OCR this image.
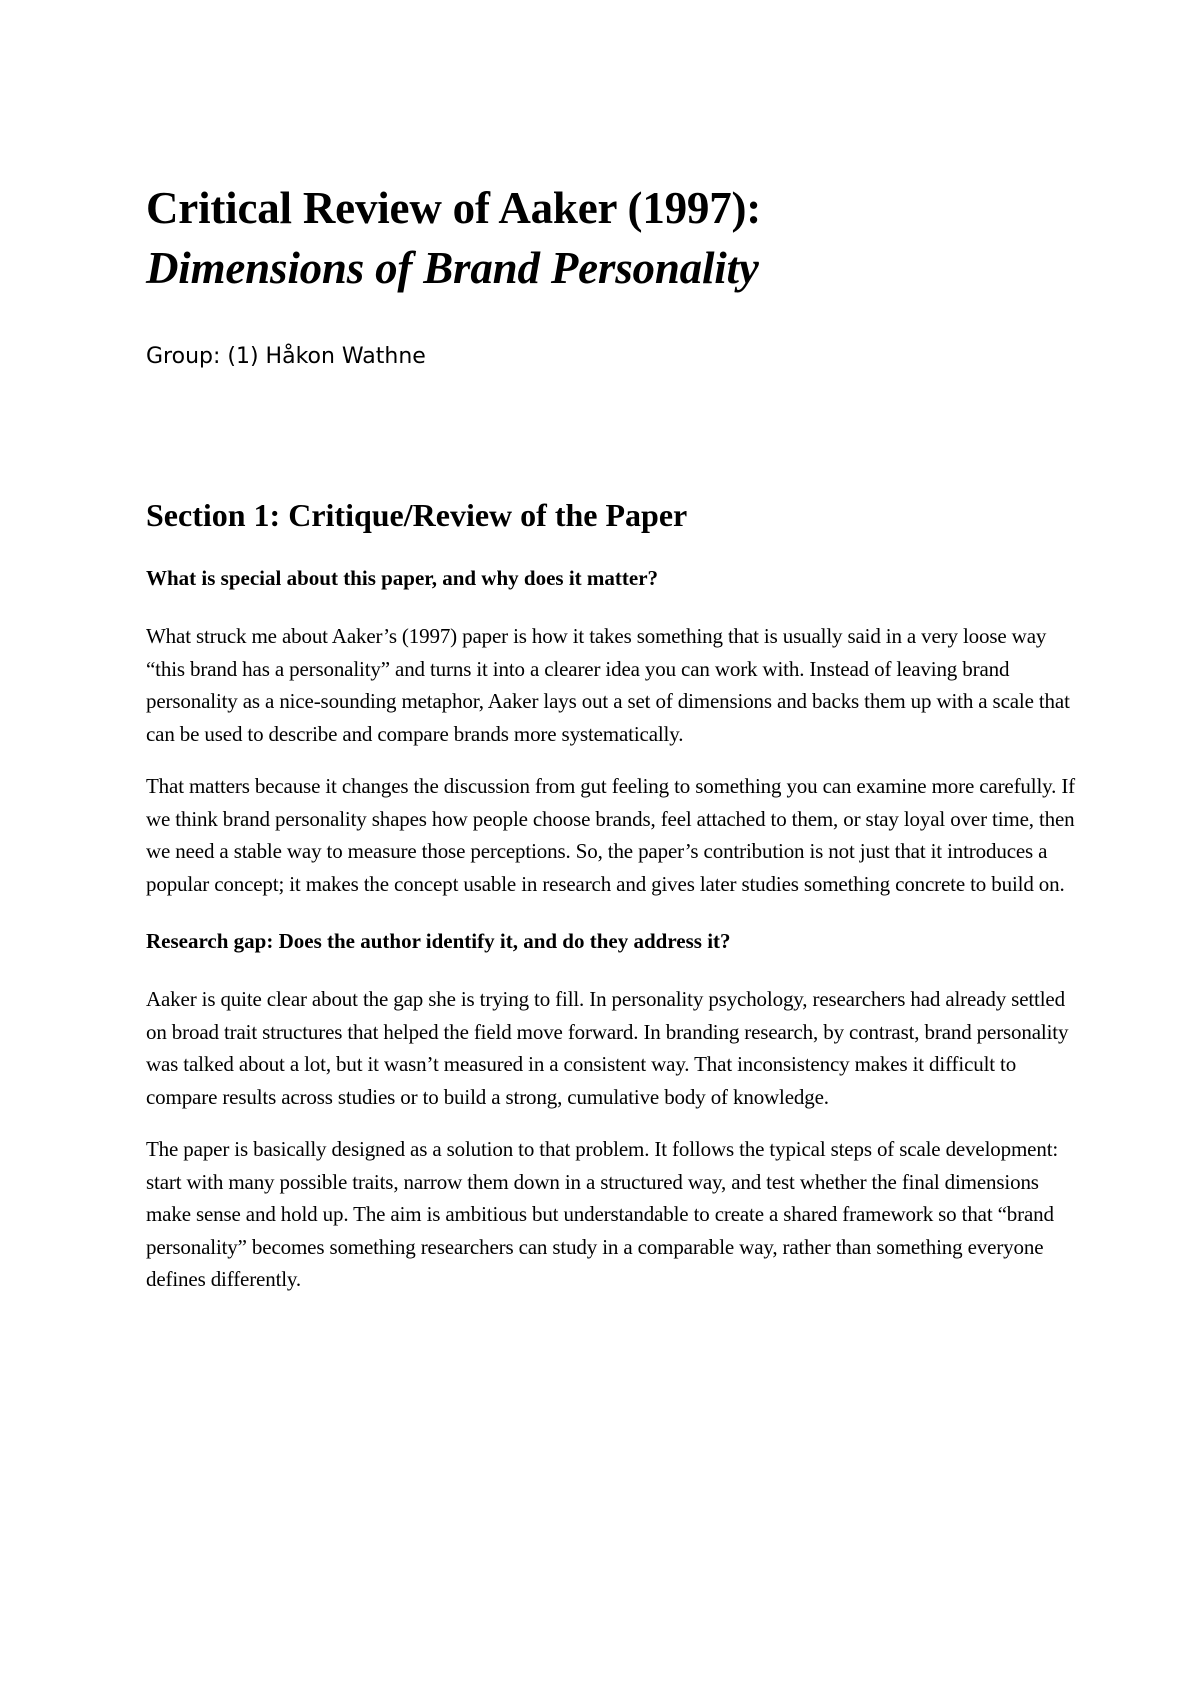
Critical Review of Aaker (1997):
Dimensions of Brand Personality

Group: (1) Håkon Wathne

Section 1: Critique/Review of the Paper

What is special about this paper, and why does it matter?

What struck me about Aaker’s (1997) paper is how it takes something that is usually said in a very loose way “this brand has a personality” and turns it into a clearer idea you can work with. Instead of leaving brand personality as a nice-sounding metaphor, Aaker lays out a set of dimensions and backs them up with a scale that can be used to describe and compare brands more systematically.

That matters because it changes the discussion from gut feeling to something you can examine more carefully. If we think brand personality shapes how people choose brands, feel attached to them, or stay loyal over time, then we need a stable way to measure those perceptions. So, the paper’s contribution is not just that it introduces a popular concept; it makes the concept usable in research and gives later studies something concrete to build on.

Research gap: Does the author identify it, and do they address it?

Aaker is quite clear about the gap she is trying to fill. In personality psychology, researchers had already settled on broad trait structures that helped the field move forward. In branding research, by contrast, brand personality was talked about a lot, but it wasn’t measured in a consistent way. That inconsistency makes it difficult to compare results across studies or to build a strong, cumulative body of knowledge.

The paper is basically designed as a solution to that problem. It follows the typical steps of scale development: start with many possible traits, narrow them down in a structured way, and test whether the final dimensions make sense and hold up. The aim is ambitious but understandable to create a shared framework so that “brand personality” becomes something researchers can study in a comparable way, rather than something everyone defines differently.
